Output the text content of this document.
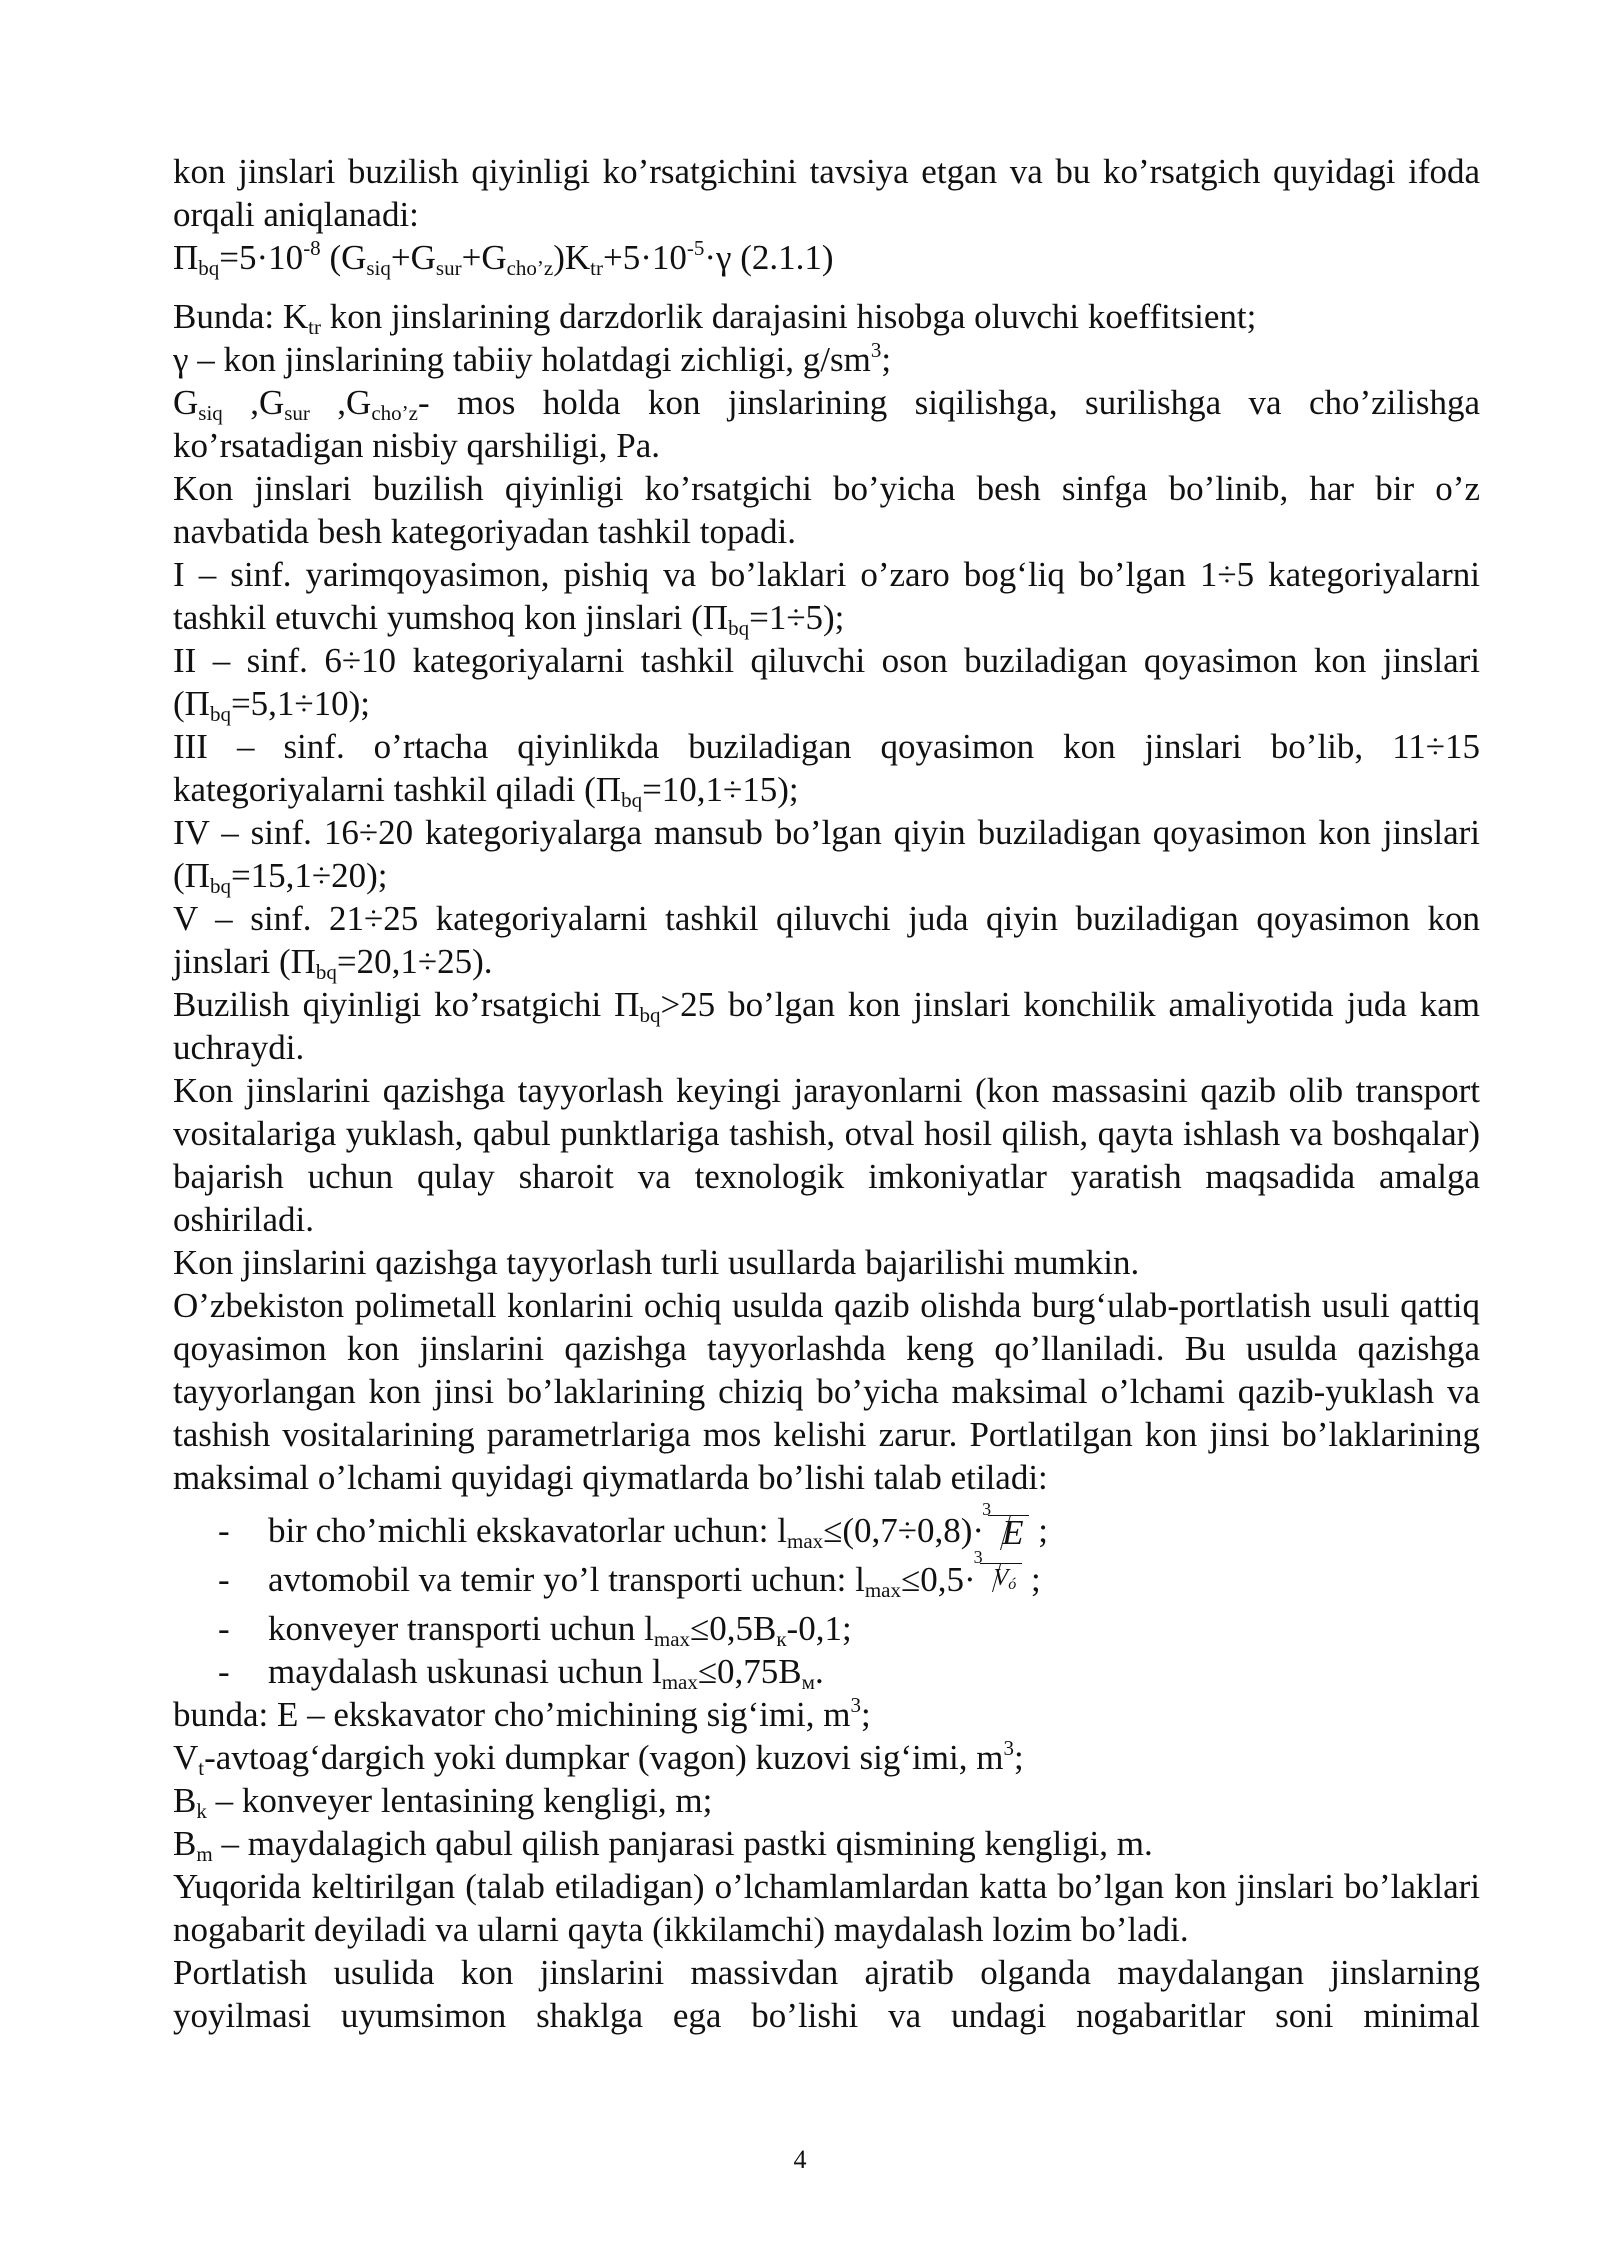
kon jinslari buzilish qiyinligi ko’rsatgichini tavsiya etgan va bu ko’rsatgich quyidagi ifoda orqali aniqlanadi:

$П_{bq}=5\cdot 10^{-8}$ $(G_{siq}+G_{sur}+G_{cho’z})K_{tr}+5\cdot 10^{-5}\cdot\gamma$ (2.1.1)

Bunda: $K_{tr}$ kon jinslarining darzdorlik darajasini hisobga oluvchi koeffitsient;

γ – kon jinslarining tabiiy holatdagi zichligi, $g/sm^3$;

$G_{siq}$ $,G_{sur}$ $,G_{cho’z}-$ mos holda kon jinslarining siqilishga, surilishga va cho’zilishga ko’rsatadigan nisbiy qarshiligi, Pa.

Kon jinslari buzilish qiyinligi ko’rsatgichi bo’yicha besh sinfga bo’linib, har bir o’z navbatida besh kategoriyadan tashkil topadi.

I – sinf. yarimqoyasimon, pishiq va bo’laklari o’zaro bog‘liq bo’lgan 1÷5 kategoriyalarni tashkil etuvchi yumshoq kon jinslari $(П_{bq}=1\div 5)$;

II – sinf. 6÷10 kategoriyalarni tashkil qiluvchi oson buziladigan qoyasimon kon jinslari $(П_{bq}=5,1\div 10)$;

III – sinf. o’rtacha qiyinlikda buziladigan qoyasimon kon jinslari bo’lib, 11÷15 kategoriyalarni tashkil qiladi $(П_{bq}=10,1\div 15)$;

IV – sinf. 16÷20 kategoriyalarga mansub bo’lgan qiyin buziladigan qoyasimon kon jinslari $(П_{bq}=15,1\div 20)$;

V – sinf. 21÷25 kategoriyalarni tashkil qiluvchi juda qiyin buziladigan qoyasimon kon jinslari $(П_{bq}=20,1\div 25)$.

Buzilish qiyinligi ko’rsatgichi $П_{bq}>25$ bo’lgan kon jinslari konchilik amaliyotida juda kam uchraydi.

Kon jinslarini qazishga tayyorlash keyingi jarayonlarni (kon massasini qazib olib transport vositalariga yuklash, qabul punktlariga tashish, otval hosil qilish, qayta ishlash va boshqalar) bajarish uchun qulay sharoit va texnologik imkoniyatlar yaratish maqsadida amalga oshiriladi.

Kon jinslarini qazishga tayyorlash turli usullarda bajarilishi mumkin.

O’zbekiston polimetall konlarini ochiq usulda qazib olishda burg‘ulab-portlatish usuli qattiq qoyasimon kon jinslarini qazishga tayyorlashda keng qo’llaniladi. Bu usulda qazishga tayyorlangan kon jinsi bo’laklarining chiziq bo’yicha maksimal o’lchami qazib-yuklash va tashish vositalarining parametrlariga mos kelishi zarur. Portlatilgan kon jinsi bo’laklarining maksimal o’lchami quyidagi qiymatlarda bo’lishi talab etiladi:

- bir cho’michli ekskavatorlar uchun: $l_{max}\le(0,7\div 0,8)\cdot$
3
E ;
- avtomobil va temir yo’l transporti uchun: $l_{max}\le 0,5\cdot$
3
Vó ;
- konveyer transporti uchun $l_{max}\le 0,5B_к-0,1$;
- maydalash uskunasi uchun $l_{max}\le 0,75B_м$.

bunda: E – ekskavator cho’michining sig‘imi, $m^3$;

$V_t-avtoag‘dargich$ yoki dumpkar (vagon) kuzovi sig‘imi, $m^3$;

$B_k$ – konveyer lentasining kengligi, m;

$B_m$ – maydalagich qabul qilish panjarasi pastki qismining kengligi, m.

Yuqorida keltirilgan (talab etiladigan) o’lchamlamlardan katta bo’lgan kon jinslari bo’laklari nogabarit deyiladi va ularni qayta (ikkilamchi) maydalash lozim bo’ladi.

Portlatish usulida kon jinslarini massivdan ajratib olganda maydalangan jinslarning yoyilmasi uyumsimon shaklga ega bo’lishi va undagi nogabaritlar soni minimal

4
